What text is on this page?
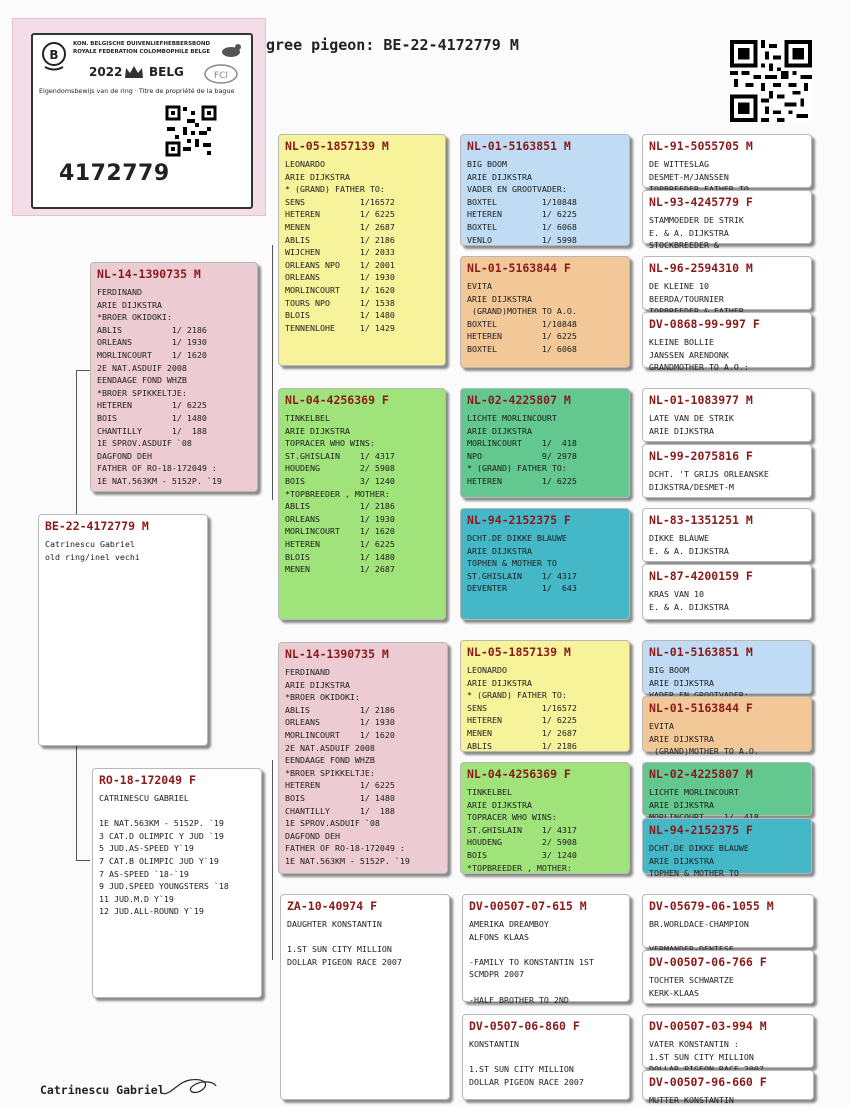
B
KON. BELGISCHE DUIVENLIEFHEBBERSBOND
ROYALE FEDERATION COLOMBOPHILE BELGE
2022 BELG	FCI
Eigendomsbewijs van de ring · Titre de propriété de la bague
4172779
gree pigeon: BE-22-4172779 M
BE-22-4172779 M
Catrinescu Gabriel
old ring/inel vechi
NL-14-1390735 M
FERDINAND
ARIE DIJKSTRA
*BROER OKIDOKI:
ABLIS          1/ 2186
ORLEANS        1/ 1930
MORLINCOURT    1/ 1620
2E NAT.ASDUIF 2008
EENDAAGE FOND WHZB
*BROER SPIKKELTJE:
HETEREN        1/ 6225
BOIS           1/ 1480
CHANTILLY      1/  188
1E SPROV.ASDUIF `08
DAGFOND DEH
FATHER OF RO-18-172049 :
1E NAT.563KM - 5152P. `19
RO-18-172049 F
CATRINESCU GABRIEL

1E NAT.563KM - 5152P. `19
3 CAT.D OLIMPIC Y JUD `19
5 JUD.AS-SPEED Y`19
7 CAT.B OLIMPIC JUD Y`19
7 AS-SPEED `18-`19
9 JUD.SPEED YOUNGSTERS `18
11 JUD.M.D Y`19
12 JUD.ALL-ROUND Y`19
NL-05-1857139 M
LEONARDO
ARIE DIJKSTRA
* (GRAND) FATHER TO:
SENS           1/16572
HETEREN        1/ 6225
MENEN          1/ 2687
ABLIS          1/ 2186
WIJCHEN        1/ 2033
ORLEANS NPO    1/ 2001
ORLEANS        1/ 1930
MORLINCOURT    1/ 1620
TOURS NPO      1/ 1538
BLOIS          1/ 1480
TENNENLOHE     1/ 1429
NL-04-4256369 F
TINKELBEL
ARIE DIJKSTRA
TOPRACER WHO WINS:
ST.GHISLAIN    1/ 4317
HOUDENG        2/ 5908
BOIS           3/ 1240
*TOPBREEDER , MOTHER:
ABLIS          1/ 2186
ORLEANS        1/ 1930
MORLINCOURT    1/ 1620
HETEREN        1/ 6225
BLOIS          1/ 1480
MENEN          1/ 2687
NL-14-1390735 M
FERDINAND
ARIE DIJKSTRA
*BROER OKIDOKI:
ABLIS          1/ 2186
ORLEANS        1/ 1930
MORLINCOURT    1/ 1620
2E NAT.ASDUIF 2008
EENDAAGE FOND WHZB
*BROER SPIKKELTJE:
HETEREN        1/ 6225
BOIS           1/ 1480
CHANTILLY      1/  188
1E SPROV.ASDUIF `08
DAGFOND DEH
FATHER OF RO-18-172049 :
1E NAT.563KM - 5152P. `19
ZA-10-40974 F
DAUGHTER KONSTANTIN

1.ST SUN CITY MILLION
DOLLAR PIGEON RACE 2007
NL-01-5163851 M
BIG BOOM
ARIE DIJKSTRA
VADER EN GROOTVADER:
BOXTEL         1/10848
HETEREN        1/ 6225
BOXTEL         1/ 6068
VENLO          1/ 5998
NL-01-5163844 F
EVITA
ARIE DIJKSTRA
(GRAND)MOTHER TO A.O.
BOXTEL         1/10848
HETEREN        1/ 6225
BOXTEL         1/ 6068
NL-02-4225807 M
LICHTE MORLINCOURT
ARIE DIJKSTRA
MORLINCOURT    1/  418
NPO            9/ 2978
* (GRAND) FATHER TO:
HETEREN        1/ 6225
NL-94-2152375 F
DCHT.DE DIKKE BLAUWE
ARIE DIJKSTRA
TOPHEN & MOTHER TO
ST.GHISLAIN    1/ 4317
DEVENTER       1/  643
NL-05-1857139 M
LEONARDO
ARIE DIJKSTRA
* (GRAND) FATHER TO:
SENS           1/16572
HETEREN        1/ 6225
MENEN          1/ 2687
ABLIS          1/ 2186
NL-04-4256369 F
TINKELBEL
ARIE DIJKSTRA
TOPRACER WHO WINS:
ST.GHISLAIN    1/ 4317
HOUDENG        2/ 5908
BOIS           3/ 1240
*TOPBREEDER , MOTHER:
DV-00507-07-615 M
AMERIKA DREAMBOY
ALFONS KLAAS

-FAMILY TO KONSTANTIN 1ST
SCMDPR 2007

-HALF BROTHER TO 2ND
DV-0507-06-860 F
KONSTANTIN

1.ST SUN CITY MILLION
DOLLAR PIGEON RACE 2007
NL-91-5055705 M
DE WITTESLAG
DESMET-M/JANSSEN
NL-93-4245779 F
STAMMOEDER DE STRIK
E. & A. DIJKSTRA
STOCKBREEDER &
NL-96-2594310 M
DE KLEINE 10
BEERDA/TOURNIER
DV-0868-99-997 F
KLEINE BOLLIE
JANSSEN ARENDONK
GRANDMOTHER TO A.O.:
NL-01-1083977 M
LATE VAN DE STRIK
ARIE DIJKSTRA
NL-99-2075816 F
DCHT. 'T GRIJS ORLEANSKE
DIJKSTRA/DESMET-M
NL-83-1351251 M
DIKKE BLAUWE
E. & A. DIJKSTRA
NL-87-4200159 F
KRAS VAN 10
E. & A. DIJKSTRA
NL-01-5163851 M
BIG BOOM
ARIE DIJKSTRA
NL-01-5163844 F
EVITA
ARIE DIJKSTRA
(GRAND)MOTHER TO A.O.
NL-02-4225807 M
LICHTE MORLINCOURT
ARIE DIJKSTRA
NL-94-2152375 F
DCHT.DE DIKKE BLAUWE
ARIE DIJKSTRA
TOPHEN & MOTHER TO
DV-05679-06-1055 M
BR.WORLDACE-CHAMPION

DV-00507-06-766 F
TOCHTER SCHWARTZE
KERK-KLAAS
DV-00507-03-994 M
VATER KONSTANTIN :
1.ST SUN CITY MILLION
DV-00507-96-660 F
MUTTER KONSTANTIN
Catrinescu Gabriel
